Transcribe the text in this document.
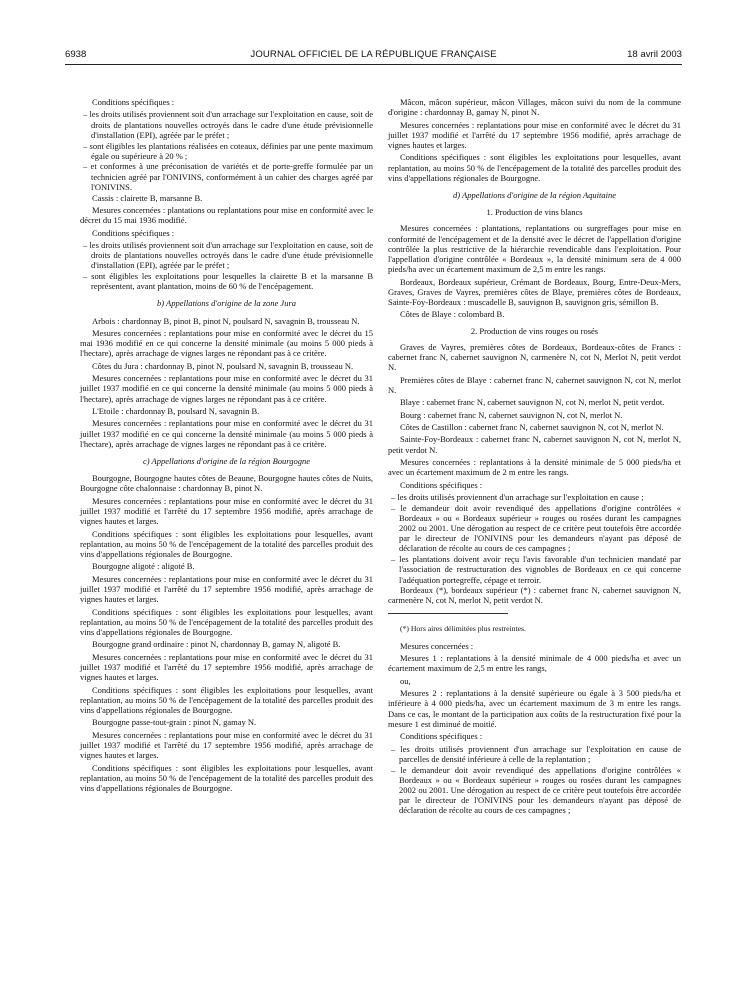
6938	JOURNAL OFFICIEL DE LA RÉPUBLIQUE FRANÇAISE	18 avril 2003
Conditions spécifiques :
– les droits utilisés proviennent soit d'un arrachage sur l'exploitation en cause, soit de droits de plantations nouvelles octroyés dans le cadre d'une étude prévisionnelle d'installation (EPI), agréée par le préfet ;
– sont éligibles les plantations réalisées en coteaux, définies par une pente maximum égale ou supérieure à 20 % ;
– et conformes à une préconisation de variétés et de porte-greffe formulée par un technicien agréé par l'ONIVINS, conformément à un cahier des charges agréé par l'ONIVINS.
Cassis : clairette B, marsanne B.
Mesures concernées : plantations ou replantations pour mise en conformité avec le décret du 15 mai 1936 modifié.
Conditions spécifiques :
– les droits utilisés proviennent soit d'un arrachage sur l'exploitation en cause, soit de droits de plantations nouvelles octroyés dans le cadre d'une étude prévisionnelle d'installation (EPI), agréée par le préfet ;
– sont éligibles les exploitations pour lesquelles la clairette B et la marsanne B représentent, avant plantation, moins de 60 % de l'encépagement.
b) Appellations d'origine de la zone Jura
Arbois : chardonnay B, pinot B, pinot N, poulsard N, savagnin B, trousseau N.
Mesures concernées : replantations pour mise en conformité avec le décret du 15 mai 1936 modifié en ce qui concerne la densité minimale (au moins 5 000 pieds à l'hectare), après arrachage de vignes larges ne répondant pas à ce critère.
Côtes du Jura : chardonnay B, pinot N, poulsard N, savagnin B, trousseau N.
Mesures concernées : replantations pour mise en conformité avec le décret du 31 juillet 1937 modifié en ce qui concerne la densité minimale (au moins 5 000 pieds à l'hectare), après arrachage de vignes larges ne répondant pas à ce critère.
L'Etoile : chardonnay B, poulsard N, savagnin B.
Mesures concernées : replantations pour mise en conformité avec le décret du 31 juillet 1937 modifié en ce qui concerne la densité minimale (au moins 5 000 pieds à l'hectare), après arrachage de vignes larges ne répondant pas à ce critère.
c) Appellations d'origine de la région Bourgogne
Bourgogne, Bourgogne hautes côtes de Beaune, Bourgogne hautes côtes de Nuits, Bourgogne côte chalonnaise : chardonnay B, pinot N.
Mesures concernées : replantations pour mise en conformité avec le décret du 31 juillet 1937 modifié et l'arrêté du 17 septembre 1956 modifié, après arrachage de vignes hautes et larges.
Conditions spécifiques : sont éligibles les exploitations pour lesquelles, avant replantation, au moins 50 % de l'encépagement de la totalité des parcelles produit des vins d'appellations régionales de Bourgogne.
Bourgogne aligoté : aligoté B.
Mesures concernées : replantations pour mise en conformité avec le décret du 31 juillet 1937 modifié et l'arrêté du 17 septembre 1956 modifié, après arrachage de vignes hautes et larges.
Conditions spécifiques : sont éligibles les exploitations pour lesquelles, avant replantation, au moins 50 % de l'encépagement de la totalité des parcelles produit des vins d'appellations régionales de Bourgogne.
Bourgogne grand ordinaire : pinot N, chardonnay B, gamay N, aligoté B.
Mesures concernées : replantations pour mise en conformité avec le décret du 31 juillet 1937 modifié et l'arrêté du 17 septembre 1956 modifié, après arrachage de vignes hautes et larges.
Conditions spécifiques : sont éligibles les exploitations pour lesquelles, avant replantation, au moins 50 % de l'encépagement de la totalité des parcelles produit des vins d'appellations régionales de Bourgogne.
Bourgogne passe-tout-grain : pinot N, gamay N.
Mesures concernées : replantations pour mise en conformité avec le décret du 31 juillet 1937 modifié et l'arrêté du 17 septembre 1956 modifié, après arrachage de vignes hautes et larges.
Conditions spécifiques : sont éligibles les exploitations pour lesquelles, avant replantation, au moins 50 % de l'encépagement de la totalité des parcelles produit des vins d'appellations régionales de Bourgogne.
Mâcon, mâcon supérieur, mâcon Villages, mâcon suivi du nom de la commune d'origine : chardonnay B, gamay N, pinot N.
Mesures concernées : replantations pour mise en conformité avec le décret du 31 juillet 1937 modifié et l'arrêté du 17 septembre 1956 modifié, après arrachage de vignes hautes et larges.
Conditions spécifiques : sont éligibles les exploitations pour lesquelles, avant replantation, au moins 50 % de l'encépagement de la totalité des parcelles produit des vins d'appellations régionales de Bourgogne.
d) Appellations d'origine de la région Aquitaine
1. Production de vins blancs
Mesures concernées : plantations, replantations ou surgreffages pour mise en conformité de l'encépagement et de la densité avec le décret de l'appellation d'origine contrôlée la plus restrictive de la hiérarchie revendicable dans l'exploitation. Pour l'appellation d'origine contrôlée « Bordeaux », la densité minimum sera de 4 000 pieds/ha avec un écartement maximum de 2,5 m entre les rangs.
Bordeaux, Bordeaux supérieur, Crémant de Bordeaux, Bourg, Entre-Deux-Mers, Graves, Graves de Vayres, premières côtes de Blaye, premières côtes de Bordeaux, Sainte-Foy-Bordeaux : muscadelle B, sauvignon B, sauvignon gris, sémillon B.
Côtes de Blaye : colombard B.
2. Production de vins rouges ou rosés
Graves de Vayres, premières côtes de Bordeaux, Bordeaux-côtes de Francs : cabernet franc N, cabernet sauvignon N, carmenère N, cot N, Merlot N, petit verdot N.
Premières côtes de Blaye : cabernet franc N, cabernet sauvignon N, cot N, merlot N.
Blaye : cabernet franc N, cabernet sauvignon N, cot N, merlot N, petit verdot.
Bourg : cabernet franc N, cabernet sauvignon N, cot N, merlot N.
Côtes de Castillon : cabernet franc N, cabernet sauvignon N, cot N, merlot N.
Sainte-Foy-Bordeaux : cabernet franc N, cabernet sauvignon N, cot N, merlot N, petit verdot N.
Mesures concernées : replantations à la densité minimale de 5 000 pieds/ha et avec un écartement maximum de 2 m entre les rangs.
Conditions spécifiques :
– les droits utilisés proviennent d'un arrachage sur l'exploitation en cause ;
– le demandeur doit avoir revendiqué des appellations d'origine contrôlées « Bordeaux » ou « Bordeaux supérieur » rouges ou rosées durant les campagnes 2002 ou 2001. Une dérogation au respect de ce critère peut toutefois être accordée par le directeur de l'ONIVINS pour les demandeurs n'ayant pas déposé de déclaration de récolte au cours de ces campagnes ;
– les plantations doivent avoir reçu l'avis favorable d'un technicien mandaté par l'association de restructuration des vignobles de Bordeaux en ce qui concerne l'adéquation portegreffe, cépage et terroir.
Bordeaux (*), bordeaux supérieur (*) : cabernet franc N, cabernet sauvignon N, carmenère N, cot N, merlot N, petit verdot N.
(*) Hors aires délimitées plus restreintes.
Mesures concernées :
Mesures 1 : replantations à la densité minimale de 4 000 pieds/ha et avec un écartement maximum de 2,5 m entre les rangs,
ou,
Mesures 2 : replantations à la densité supérieure ou égale à 3 500 pieds/ha et inférieure à 4 000 pieds/ha, avec un écartement maximum de 3 m entre les rangs. Dans ce cas, le montant de la participation aux coûts de la restructuration fixé pour la mesure 1 est diminué de moitié.
Conditions spécifiques :
– les droits utilisés proviennent d'un arrachage sur l'exploitation en cause de parcelles de densité inférieure à celle de la replantation ;
– le demandeur doit avoir revendiqué des appellations d'origine contrôlées « Bordeaux » ou « Bordeaux supérieur » rouges ou rosées durant les campagnes 2002 ou 2001. Une dérogation au respect de ce critère peut toutefois être accordée par le directeur de l'ONIVINS pour les demandeurs n'ayant pas déposé de déclaration de récolte au cours de ces campagnes ;
